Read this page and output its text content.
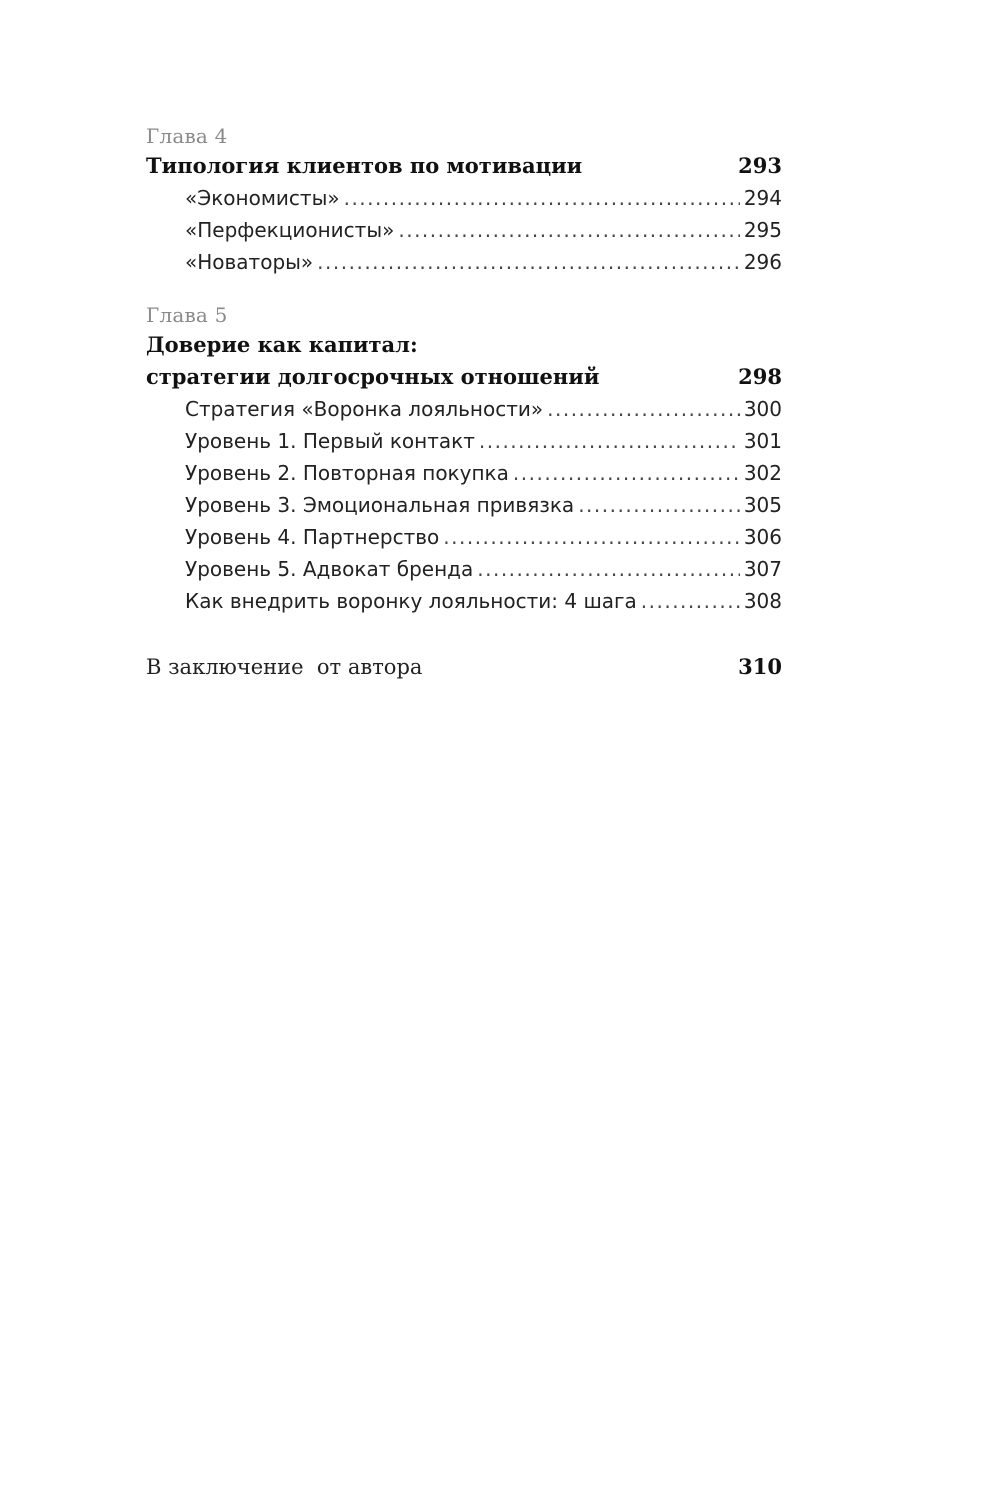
Глава 4
Типология клиентов по мотивации	293
«Экономисты» .....	294
«Перфекционисты» .....	295
«Новаторы» .....	296
Глава 5
Доверие как капитал:
стратегии долгосрочных отношений	298
Стратегия «Воронка лояльности» .....	300
Уровень 1. Первый контакт .....	301
Уровень 2. Повторная покупка .....	302
Уровень 3. Эмоциональная привязка .....	305
Уровень 4. Партнерство .....	306
Уровень 5. Адвокат бренда .....	307
Как внедрить воронку лояльности: 4 шага .....	308
В заключение  от автора	310
